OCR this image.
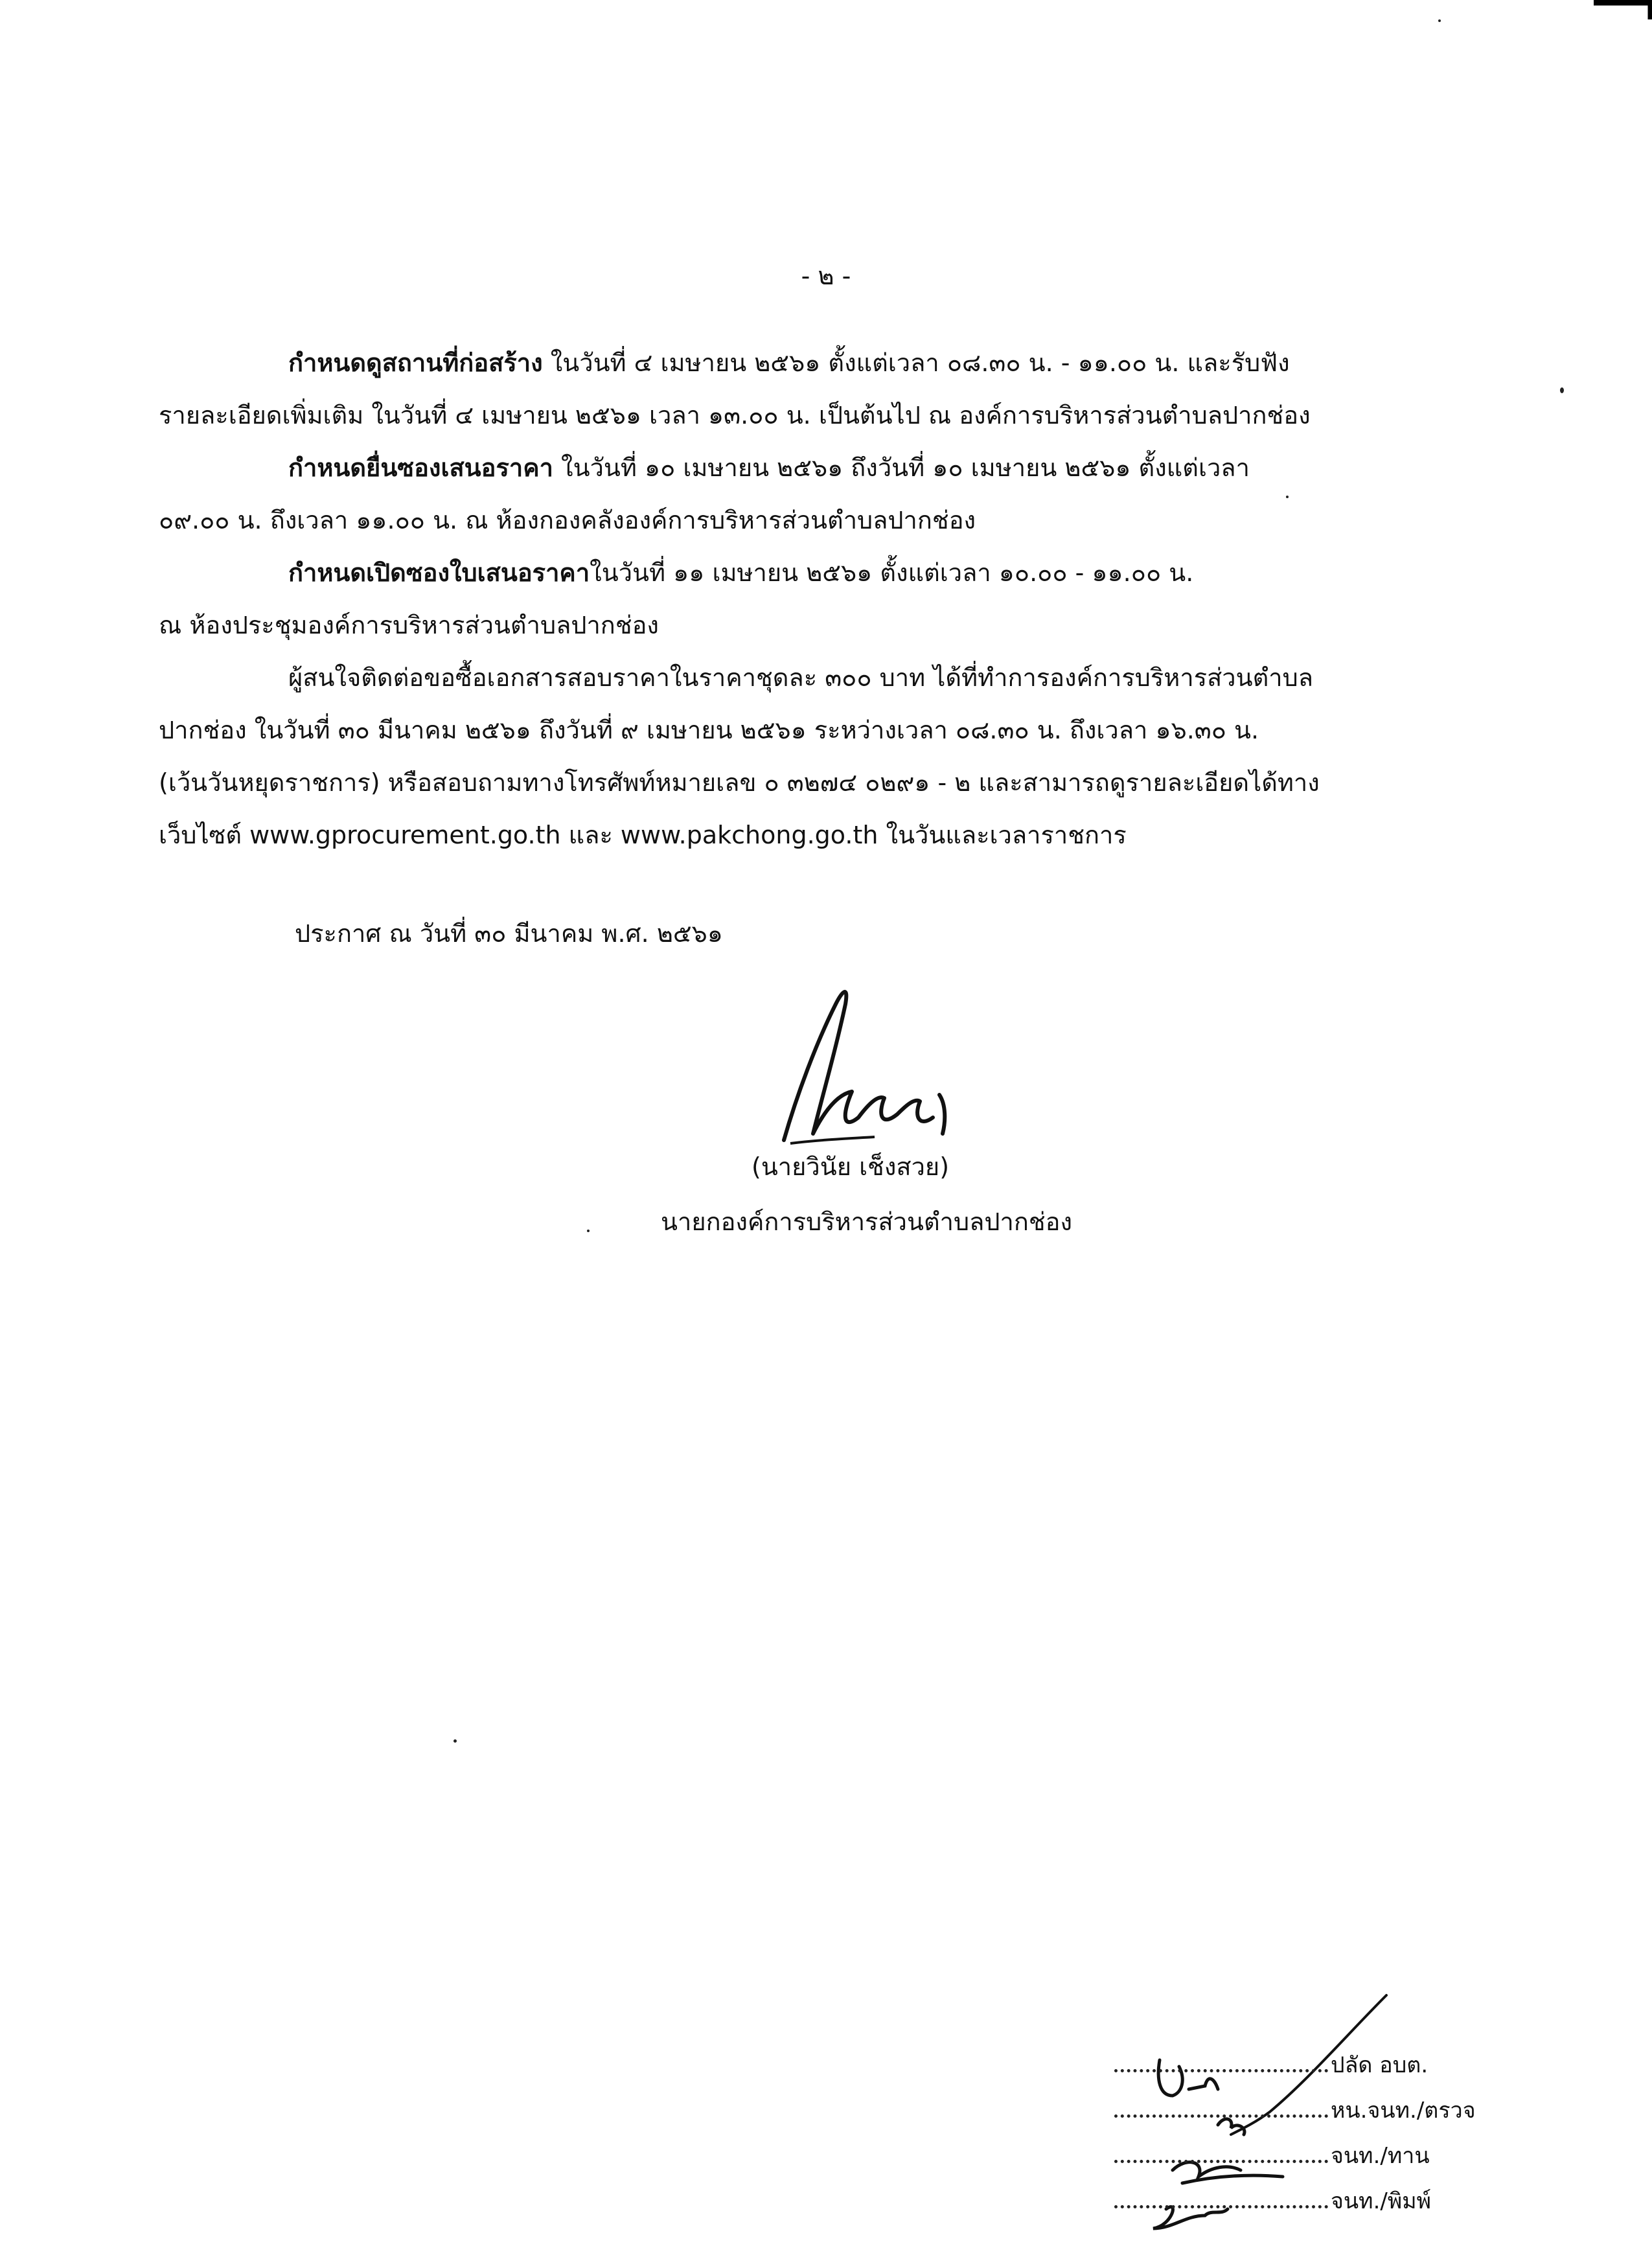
- ๒ -
กำหนดดูสถานที่ก่อสร้าง ในวันที่ ๔ เมษายน ๒๕๖๑ ตั้งแต่เวลา ๐๘.๓๐ น. - ๑๑.๐๐ น. และรับฟัง
รายละเอียดเพิ่มเติม ในวันที่ ๔ เมษายน ๒๕๖๑ เวลา ๑๓.๐๐ น. เป็นต้นไป ณ องค์การบริหารส่วนตำบลปากช่อง
กำหนดยื่นซองเสนอราคา ในวันที่ ๑๐ เมษายน ๒๕๖๑ ถึงวันที่ ๑๐ เมษายน ๒๕๖๑ ตั้งแต่เวลา
๐๙.๐๐ น. ถึงเวลา ๑๑.๐๐ น. ณ ห้องกองคลังองค์การบริหารส่วนตำบลปากช่อง
กำหนดเปิดซองใบเสนอราคาในวันที่ ๑๑ เมษายน ๒๕๖๑ ตั้งแต่เวลา ๑๐.๐๐ - ๑๑.๐๐ น.
ณ ห้องประชุมองค์การบริหารส่วนตำบลปากช่อง
ผู้สนใจติดต่อขอซื้อเอกสารสอบราคาในราคาชุดละ ๓๐๐ บาท ได้ที่ทำการองค์การบริหารส่วนตำบล
ปากช่อง ในวันที่ ๓๐ มีนาคม ๒๕๖๑ ถึงวันที่ ๙ เมษายน ๒๕๖๑ ระหว่างเวลา ๐๘.๓๐ น. ถึงเวลา ๑๖.๓๐ น.
(เว้นวันหยุดราชการ) หรือสอบถามทางโทรศัพท์หมายเลข ๐ ๓๒๗๔ ๐๒๙๑ - ๒ และสามารถดูรายละเอียดได้ทาง
เว็บไซต์ www.gprocurement.go.th และ www.pakchong.go.th ในวันและเวลาราชการ
ประกาศ ณ วันที่ ๓๐ มีนาคม พ.ศ. ๒๕๖๑
(นายวินัย เช็งสวย)
นายกองค์การบริหารส่วนตำบลปากช่อง
ปลัด อบต.
หน.จนท./ตรวจ
จนท./ทาน
จนท./พิมพ์
